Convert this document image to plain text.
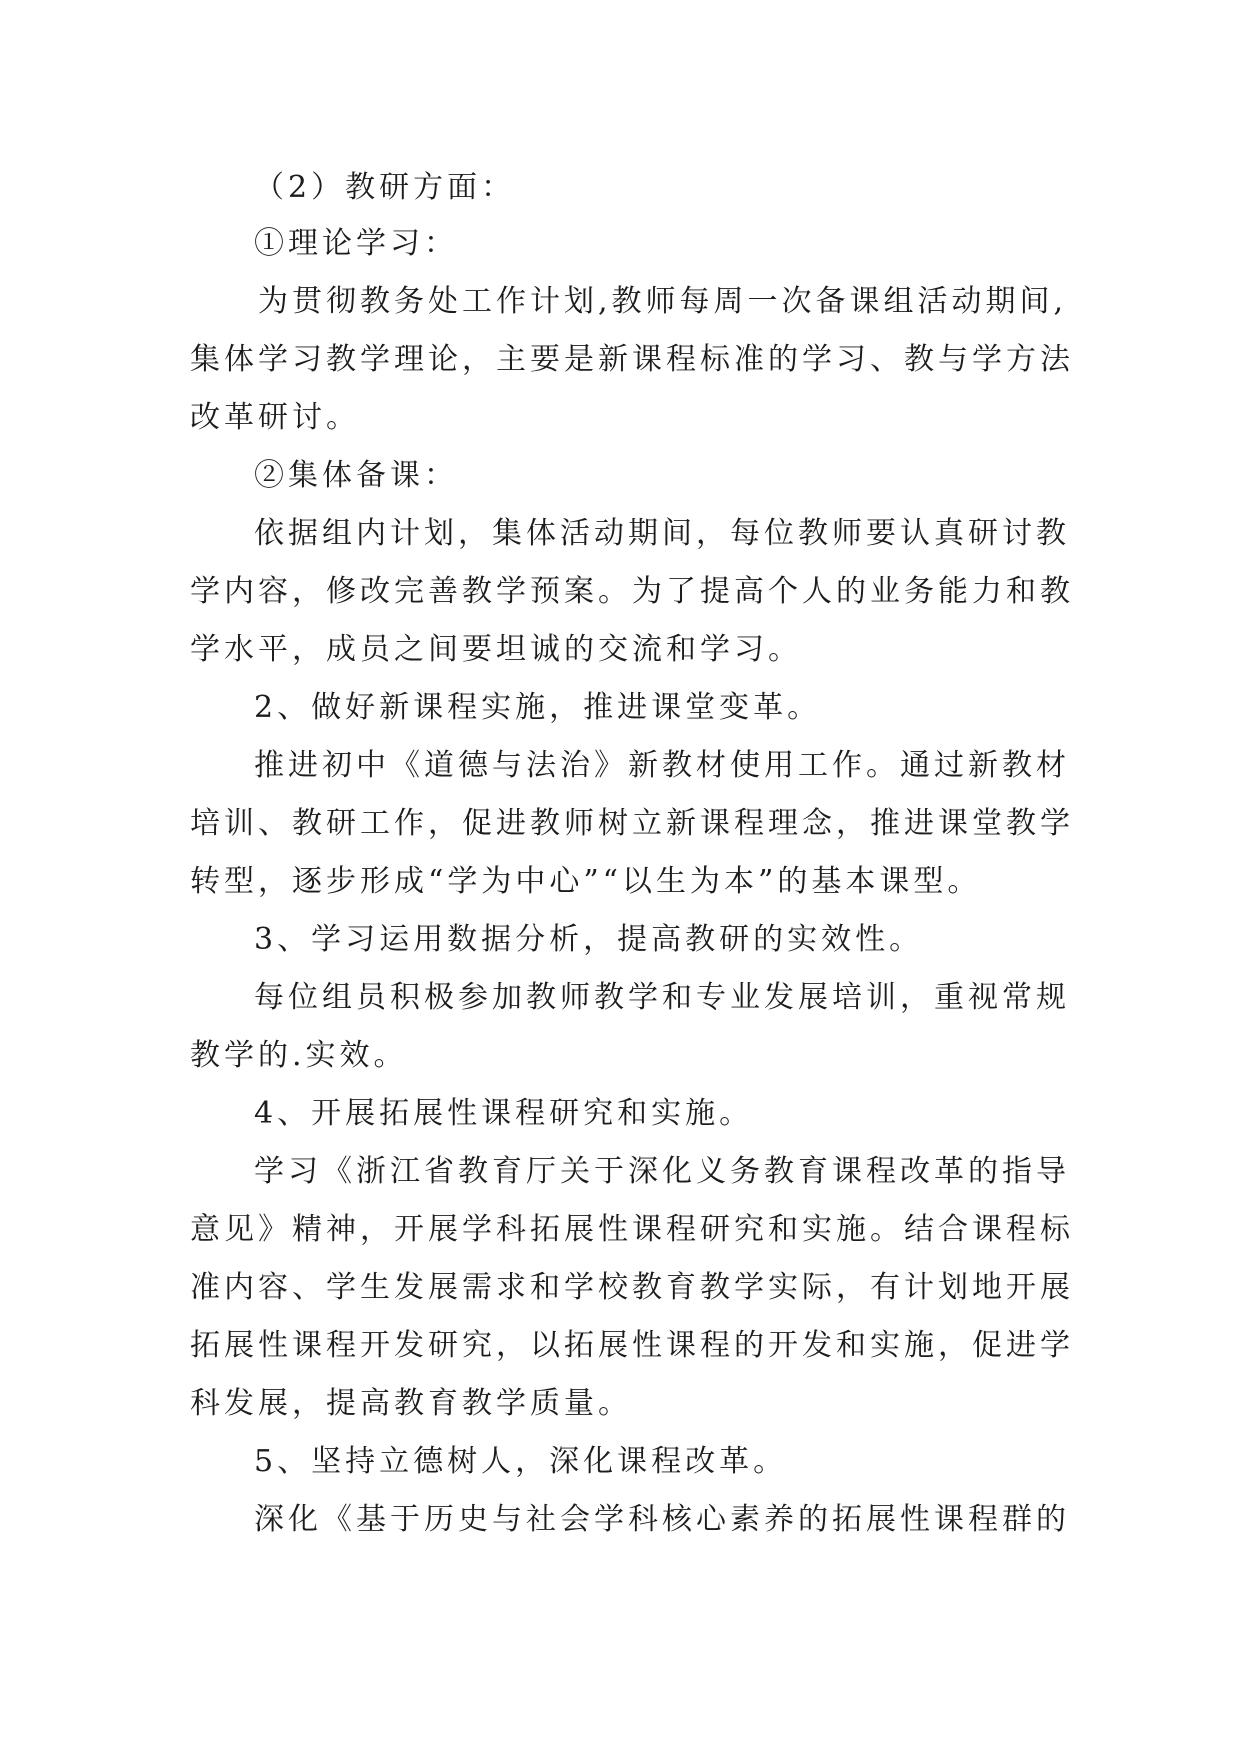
（2）教研方面：
①理论学习：
为贯彻教务处工作计划,教师每周一次备课组活动期间,
集体学习教学理论，主要是新课程标准的学习、教与学方法
改革研讨。
②集体备课：
依据组内计划，集体活动期间，每位教师要认真研讨教
学内容，修改完善教学预案。为了提高个人的业务能力和教
学水平，成员之间要坦诚的交流和学习。
2、做好新课程实施，推进课堂变革。
推进初中《道德与法治》新教材使用工作。通过新教材
培训、教研工作，促进教师树立新课程理念，推进课堂教学
转型，逐步形成“学为中心”“以生为本”的基本课型。
3、学习运用数据分析，提高教研的实效性。
每位组员积极参加教师教学和专业发展培训，重视常规
教学的.实效。
4、开展拓展性课程研究和实施。
学习《浙江省教育厅关于深化义务教育课程改革的指导
意见》精神，开展学科拓展性课程研究和实施。结合课程标
准内容、学生发展需求和学校教育教学实际，有计划地开展
拓展性课程开发研究，以拓展性课程的开发和实施，促进学
科发展，提高教育教学质量。
5、坚持立德树人，深化课程改革。
深化《基于历史与社会学科核心素养的拓展性课程群的
